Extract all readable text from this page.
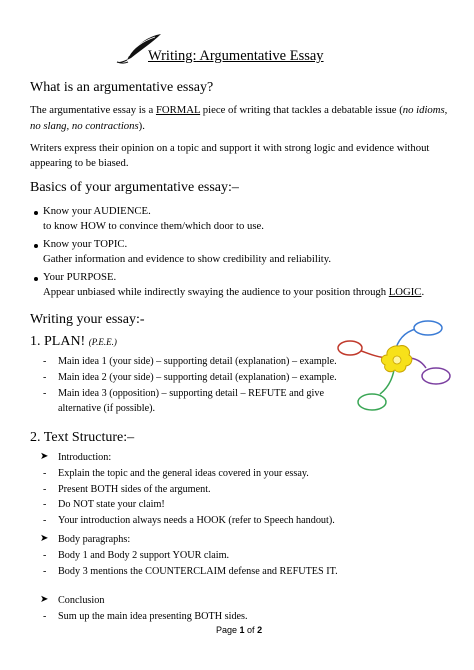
Writing: Argumentative Essay
What is an argumentative essay?
The argumentative essay is a FORMAL piece of writing that tackles a debatable issue (no idioms,
no slang, no contractions).
Writers express their opinion on a topic and support it with strong logic and evidence without
appearing to be biased.
Basics of your argumentative essay:–
Know your AUDIENCE.
to know HOW to convince them/which door to use.
Know your TOPIC.
Gather information and evidence to show credibility and reliability.
Your PURPOSE.
Appear unbiased while indirectly swaying the audience to your position through LOGIC.
Writing your essay:-
1. PLAN! (P.E.E.)
- Main idea 1 (your side) – supporting detail (explanation) – example.
- Main idea 2 (your side) – supporting detail (explanation) – example.
- Main idea 3 (opposition) – supporting detail – REFUTE and give
alternative (if possible).
2. Text Structure:–
➤ Introduction:
- Explain the topic and the general ideas covered in your essay.
- Present BOTH sides of the argument.
- Do NOT state your claim!
- Your introduction always needs a HOOK (refer to Speech handout).
➤ Body paragraphs:
- Body 1 and Body 2 support YOUR claim.
- Body 3 mentions the COUNTERCLAIM defense and REFUTES IT.
➤ Conclusion
- Sum up the main idea presenting BOTH sides.
Page 1 of 2
